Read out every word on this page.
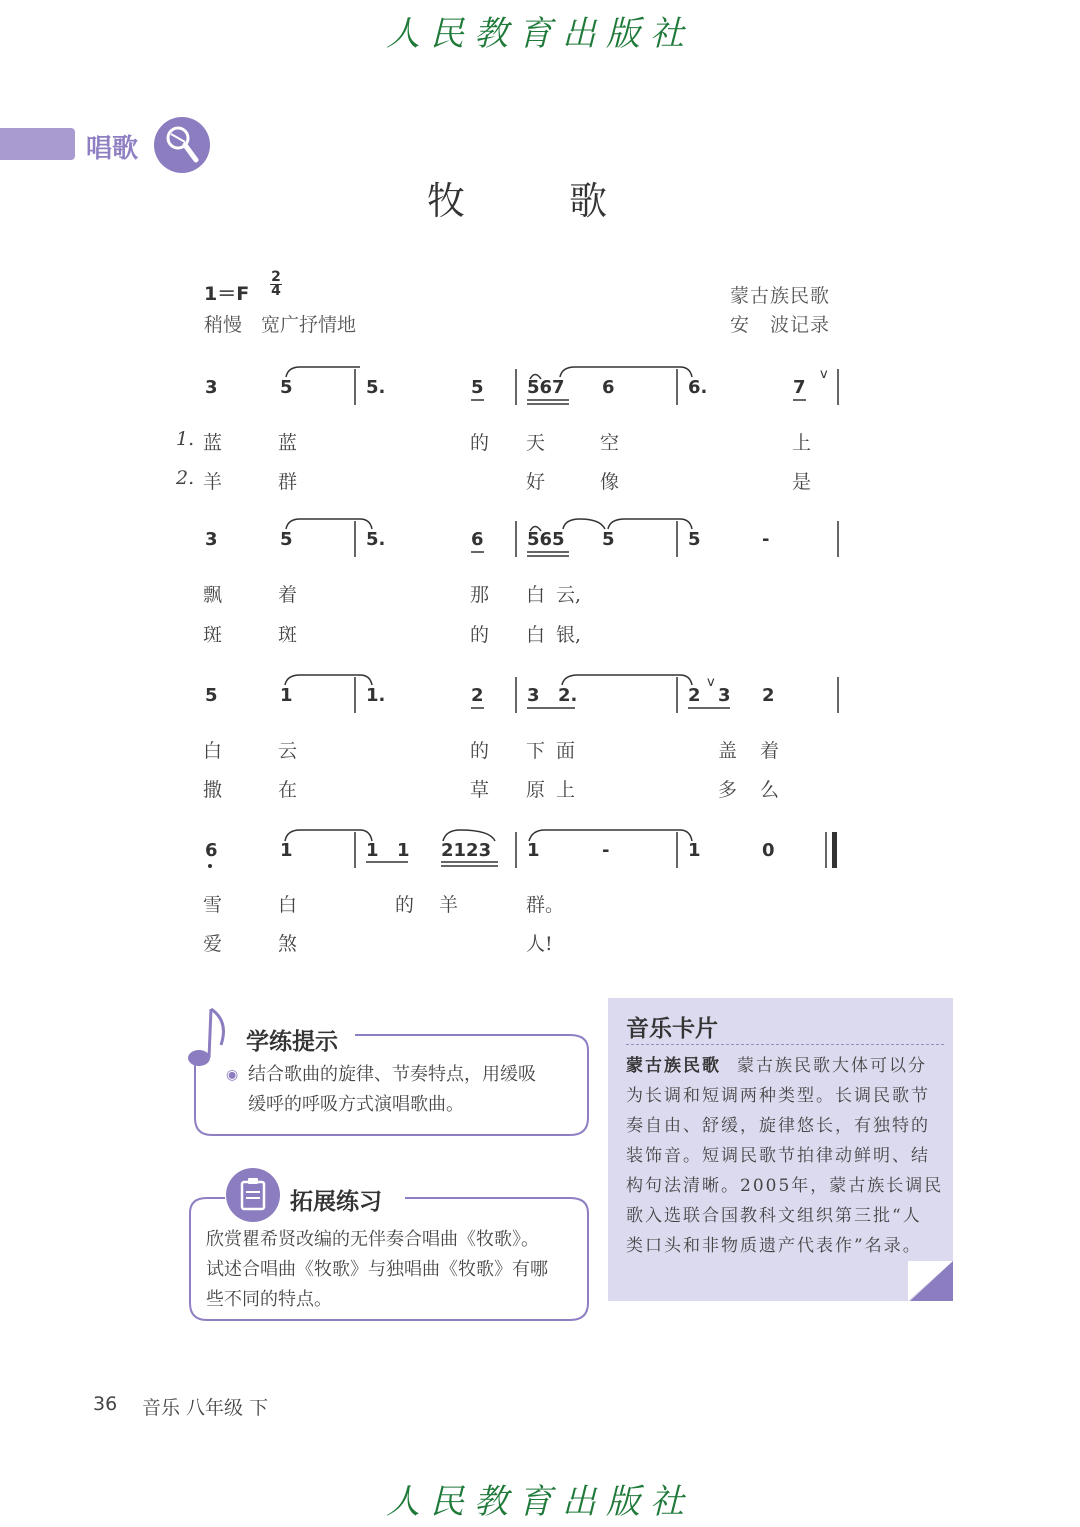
人民教育出版社
人民教育出版社
唱歌
牧 歌
$1=F \frac{2}{4}$
稍慢　宽广抒情地
蒙古族民歌
安　波记录
3	5	5.	5 567 6	6.	7
v
1. 蓝	蓝	的 天	空	上
2. 羊	群	好	像	是
3	5	5.	6 565 5	5	-
飘	着	那 白 云,
斑	斑	的 白 银,
5	1	1.	2 3 2.	2
v
3 2
白	云	的 下 面	盖 着
撒	在	草 原 上	多 么
6	1	1 1 2123 1	-	1	0
雪	白	的 羊	群。
爱	煞	人!
学练提示
◉ 结合歌曲的旋律、节奏特点，用缓吸
缓呼的呼吸方式演唱歌曲。
拓展练习
欣赏瞿希贤改编的无伴奏合唱曲《牧歌》。
试述合唱曲《牧歌》与独唱曲《牧歌》有哪
些不同的特点。
音乐卡片
蒙古族民歌 蒙古族民歌大体可以分
为长调和短调两种类型。长调民歌节
奏自由、舒缓，旋律悠长，有独特的
装饰音。短调民歌节拍律动鲜明、结
构句法清晰。2005年，蒙古族长调民
歌入选联合国教科文组织第三批“人
类口头和非物质遗产代表作”名录。
36 音乐 八年级 下
